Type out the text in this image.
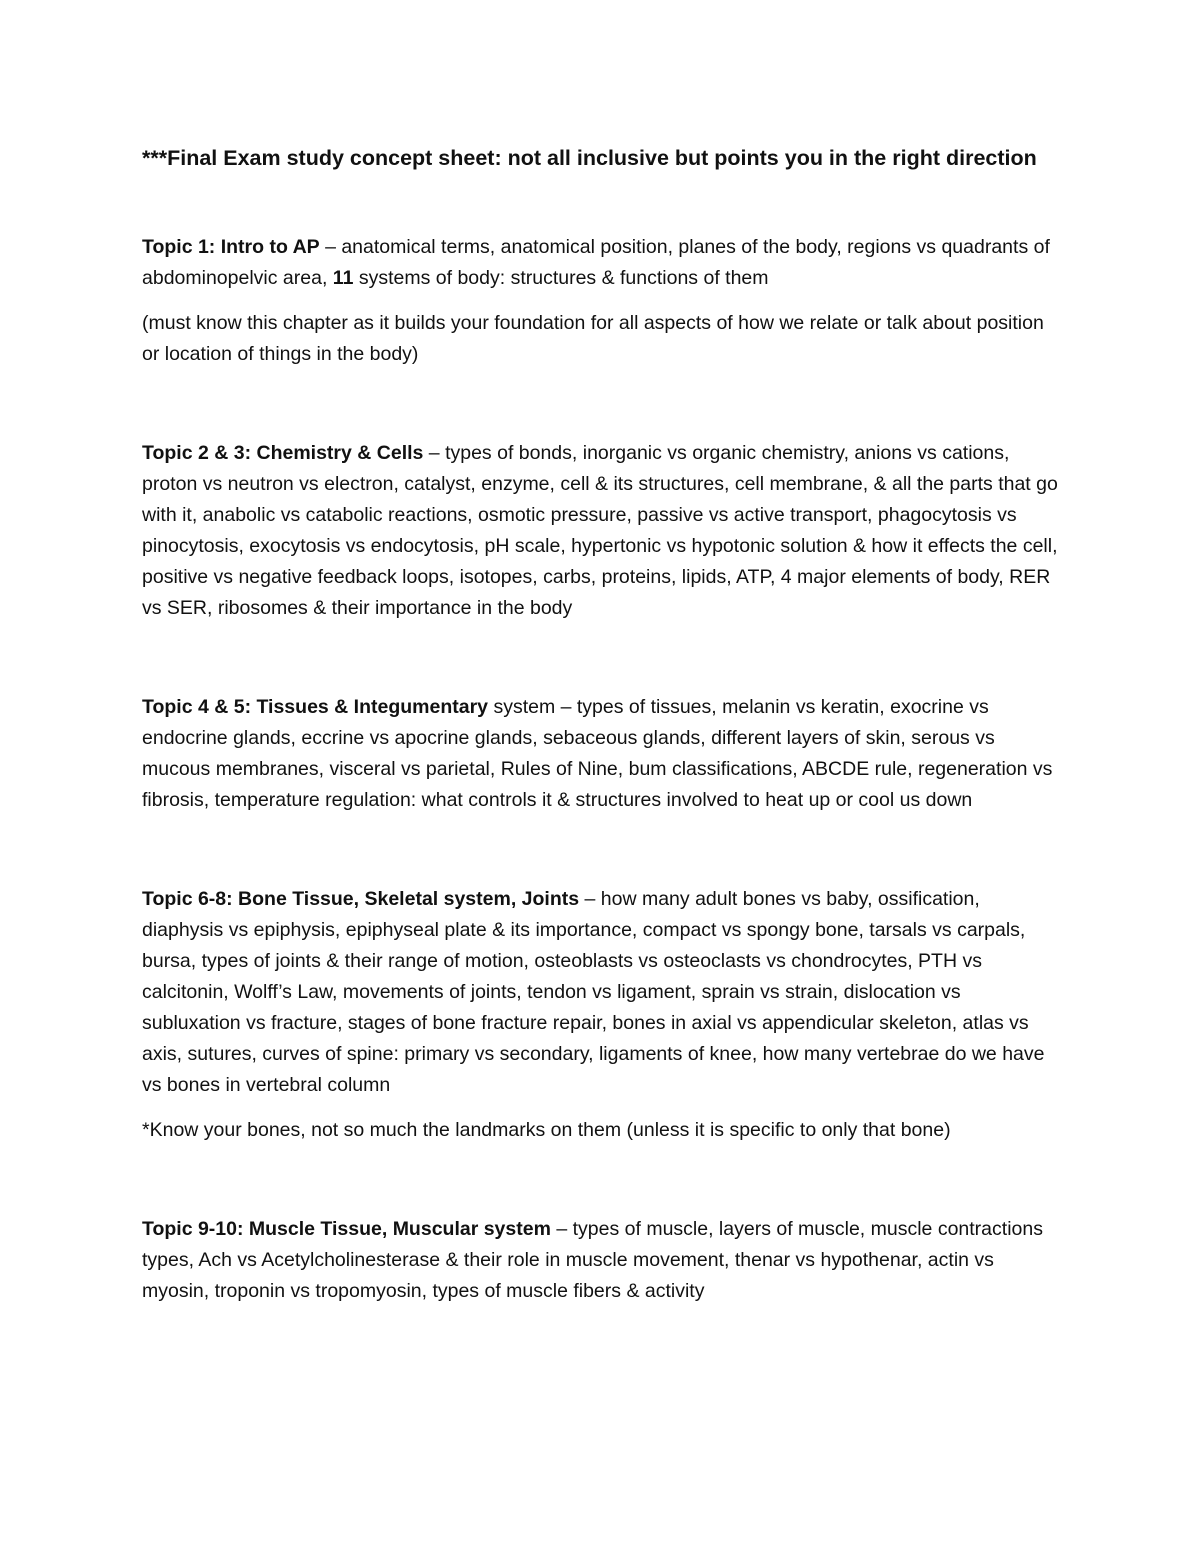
***Final Exam study concept sheet: not all inclusive but points you in the right direction

Topic 1: Intro to AP – anatomical terms, anatomical position, planes of the body, regions vs quadrants of abdominopelvic area, 11 systems of body: structures & functions of them

(must know this chapter as it builds your foundation for all aspects of how we relate or talk about position or location of things in the body)

Topic 2 & 3: Chemistry & Cells – types of bonds, inorganic vs organic chemistry, anions vs cations, proton vs neutron vs electron, catalyst, enzyme, cell & its structures, cell membrane, & all the parts that go with it, anabolic vs catabolic reactions, osmotic pressure, passive vs active transport, phagocytosis vs pinocytosis, exocytosis vs endocytosis, pH scale, hypertonic vs hypotonic solution & how it effects the cell, positive vs negative feedback loops, isotopes, carbs, proteins, lipids, ATP, 4 major elements of body, RER vs SER, ribosomes & their importance in the body

Topic 4 & 5: Tissues & Integumentary system – types of tissues, melanin vs keratin, exocrine vs endocrine glands, eccrine vs apocrine glands, sebaceous glands, different layers of skin, serous vs mucous membranes, visceral vs parietal, Rules of Nine, bum classifications, ABCDE rule, regeneration vs fibrosis, temperature regulation: what controls it & structures involved to heat up or cool us down

Topic 6-8: Bone Tissue, Skeletal system, Joints – how many adult bones vs baby, ossification, diaphysis vs epiphysis, epiphyseal plate & its importance, compact vs spongy bone, tarsals vs carpals, bursa, types of joints & their range of motion, osteoblasts vs osteoclasts vs chondrocytes, PTH vs calcitonin, Wolff’s Law, movements of joints, tendon vs ligament, sprain vs strain, dislocation vs subluxation vs fracture, stages of bone fracture repair, bones in axial vs appendicular skeleton, atlas vs axis, sutures, curves of spine: primary vs secondary, ligaments of knee, how many vertebrae do we have vs bones in vertebral column

*Know your bones, not so much the landmarks on them (unless it is specific to only that bone)

Topic 9-10: Muscle Tissue, Muscular system – types of muscle, layers of muscle, muscle contractions types, Ach vs Acetylcholinesterase & their role in muscle movement, thenar vs hypothenar, actin vs myosin, troponin vs tropomyosin, types of muscle fibers & activity
